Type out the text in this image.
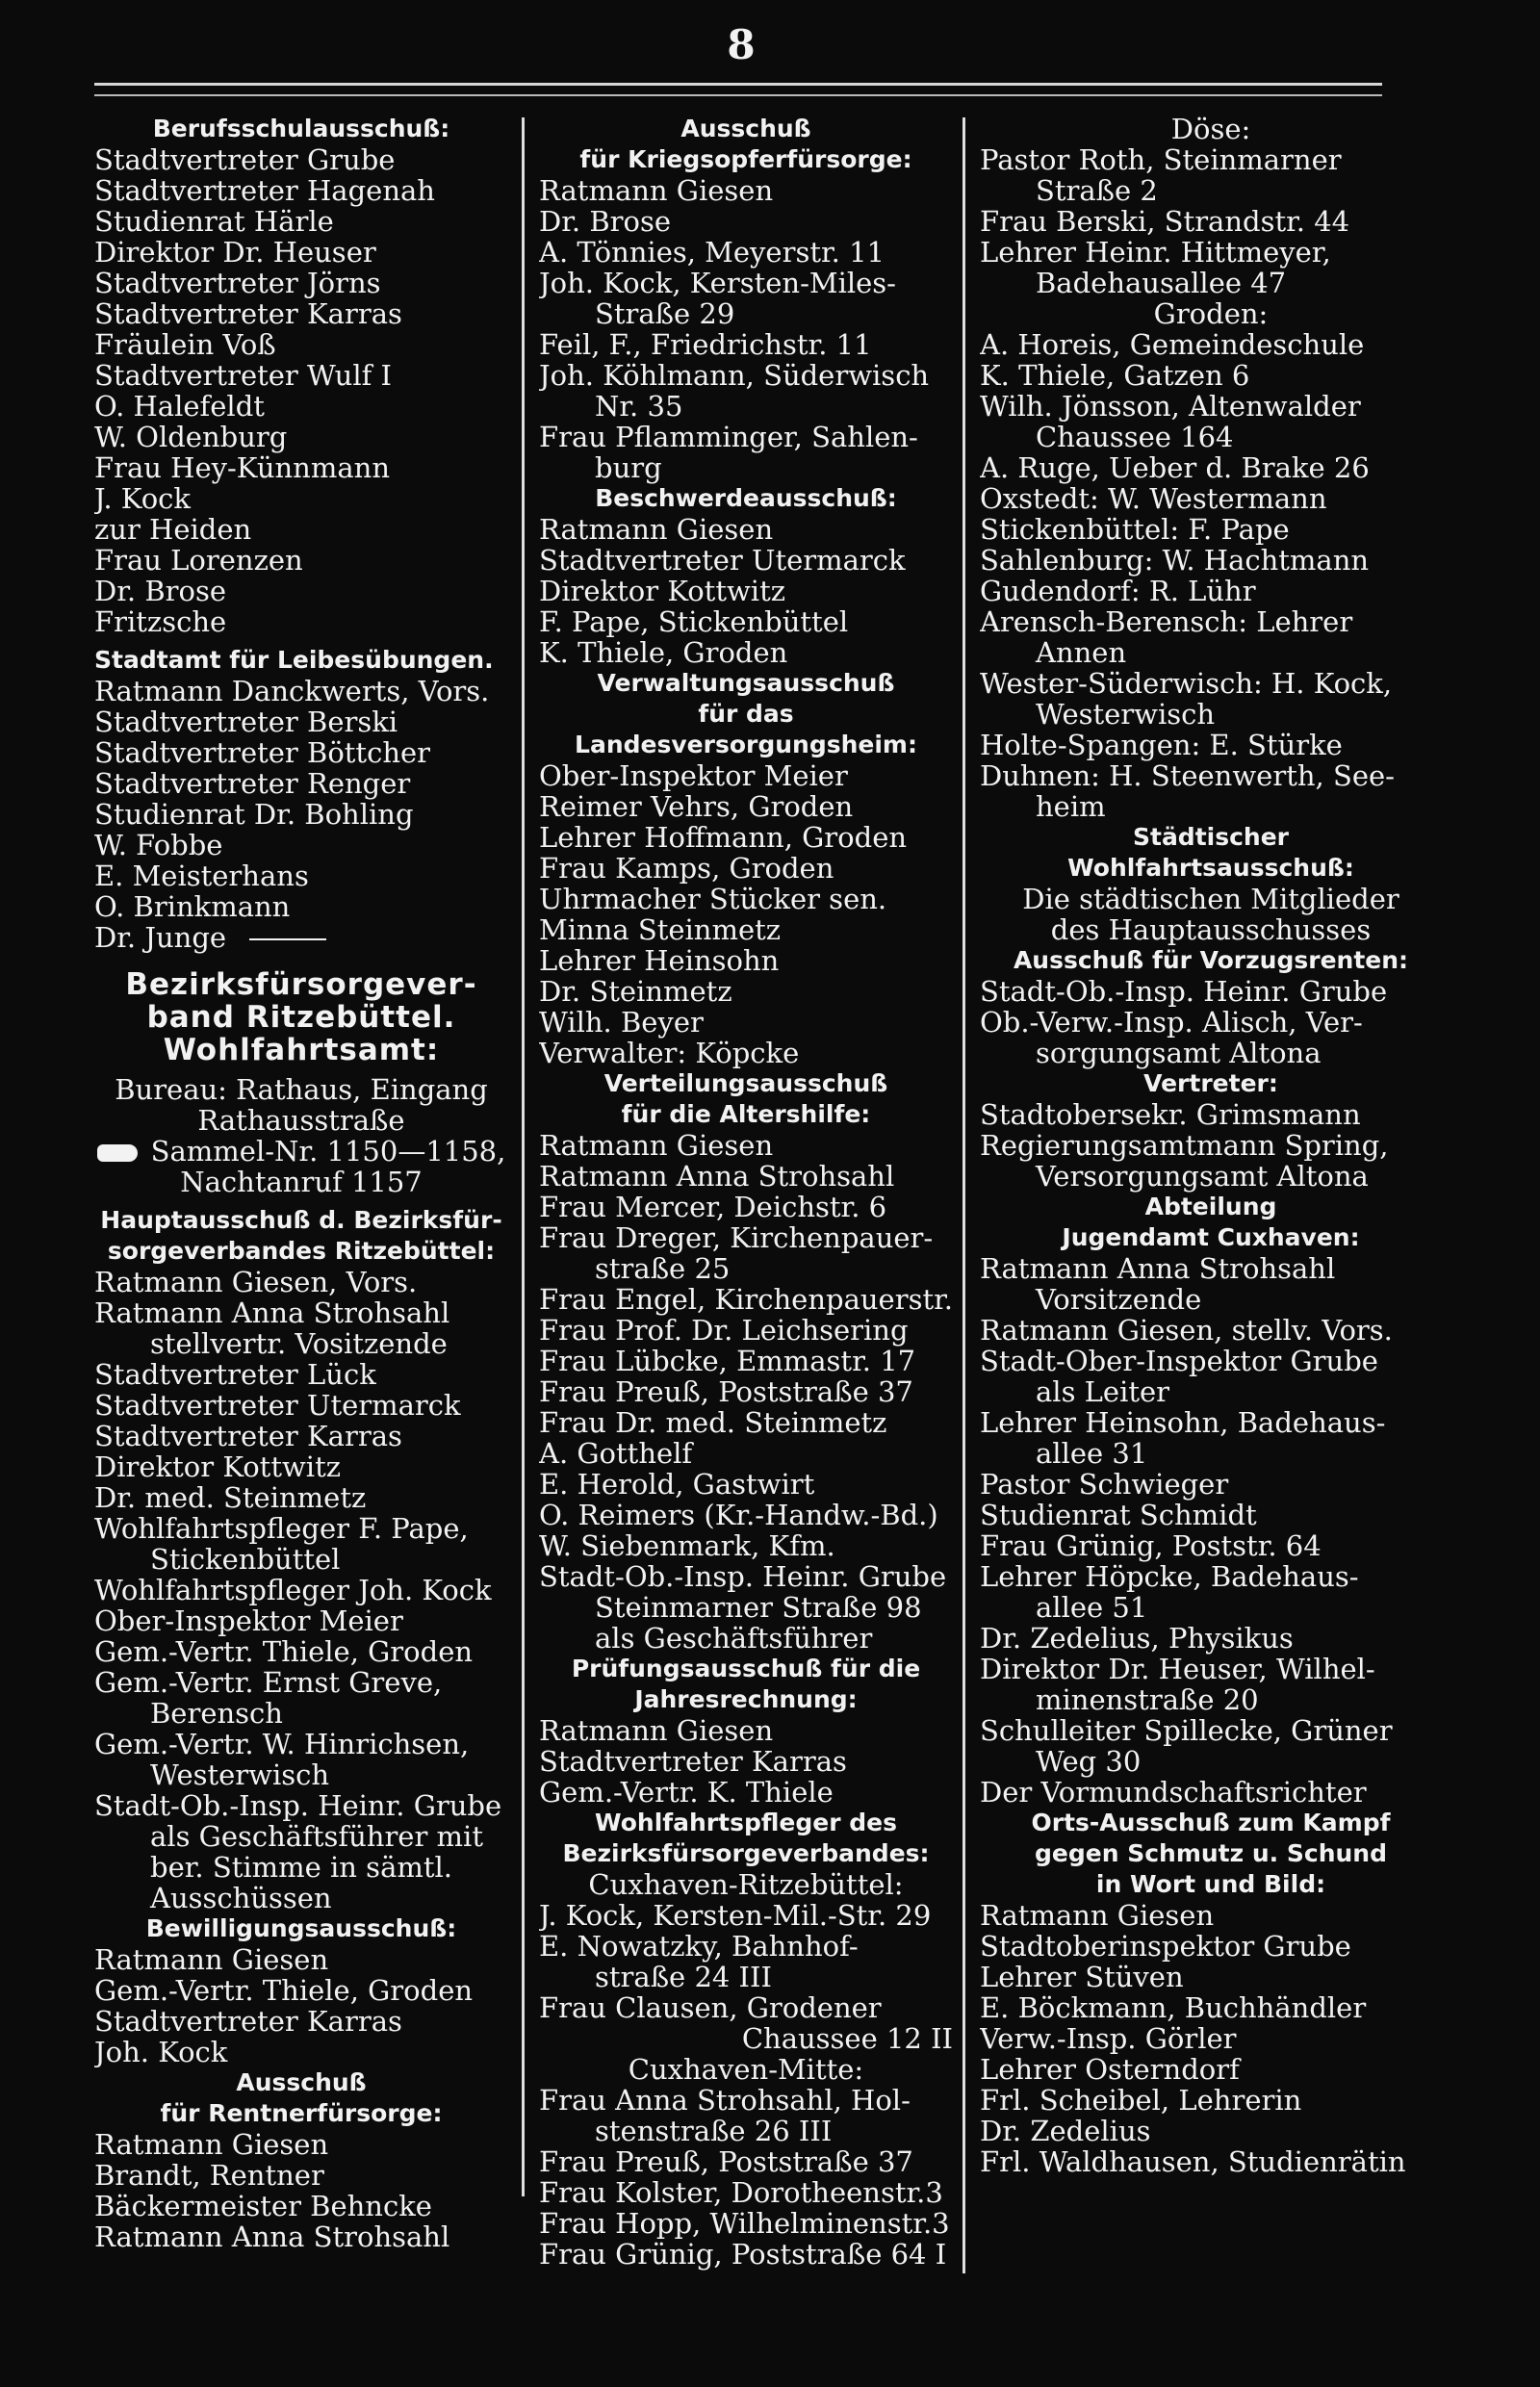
8
Berufsschulausschuß:
Stadtvertreter Grube
Stadtvertreter Hagenah
Studienrat Härle
Direktor Dr. Heuser
Stadtvertreter Jörns
Stadtvertreter Karras
Fräulein Voß
Stadtvertreter Wulf I
O. Halefeldt
W. Oldenburg
Frau Hey-Künnmann
J. Kock
zur Heiden
Frau Lorenzen
Dr. Brose
Fritzsche
Stadtamt für Leibesübungen.
Ratmann Danckwerts, Vors.
Stadtvertreter Berski
Stadtvertreter Böttcher
Stadtvertreter Renger
Studienrat Dr. Bohling
W. Fobbe
E. Meisterhans
O. Brinkmann
Dr. Junge
Bezirksfürsorgever-
band Ritzebüttel.
Wohlfahrtsamt:
Bureau: Rathaus, Eingang
Rathausstraße
Sammel-Nr. 1150—1158,
Nachtanruf 1157
Hauptausschuß d. Bezirksfür-
sorgeverbandes Ritzebüttel:
Ratmann Giesen, Vors.
Ratmann Anna Strohsahl
stellvertr. Vositzende
Stadtvertreter Lück
Stadtvertreter Utermarck
Stadtvertreter Karras
Direktor Kottwitz
Dr. med. Steinmetz
Wohlfahrtspfleger F. Pape,
Stickenbüttel
Wohlfahrtspfleger Joh. Kock
Ober-Inspektor Meier
Gem.-Vertr. Thiele, Groden
Gem.-Vertr. Ernst Greve,
Berensch
Gem.-Vertr. W. Hinrichsen,
Westerwisch
Stadt-Ob.-Insp. Heinr. Grube
als Geschäftsführer mit
ber. Stimme in sämtl.
Ausschüssen
Bewilligungsausschuß:
Ratmann Giesen
Gem.-Vertr. Thiele, Groden
Stadtvertreter Karras
Joh. Kock
Ausschuß
für Rentnerfürsorge:
Ratmann Giesen
Brandt, Rentner
Bäckermeister Behncke
Ratmann Anna Strohsahl
Ausschuß
für Kriegsopferfürsorge:
Ratmann Giesen
Dr. Brose
A. Tönnies, Meyerstr. 11
Joh. Kock, Kersten-Miles-
Straße 29
Feil, F., Friedrichstr. 11
Joh. Köhlmann, Süderwisch
Nr. 35
Frau Pflamminger, Sahlen-
burg
Beschwerdeausschuß:
Ratmann Giesen
Stadtvertreter Utermarck
Direktor Kottwitz
F. Pape, Stickenbüttel
K. Thiele, Groden
Verwaltungsausschuß
für das
Landesversorgungsheim:
Ober-Inspektor Meier
Reimer Vehrs, Groden
Lehrer Hoffmann, Groden
Frau Kamps, Groden
Uhrmacher Stücker sen.
Minna Steinmetz
Lehrer Heinsohn
Dr. Steinmetz
Wilh. Beyer
Verwalter: Köpcke
Verteilungsausschuß
für die Altershilfe:
Ratmann Giesen
Ratmann Anna Strohsahl
Frau Mercer, Deichstr. 6
Frau Dreger, Kirchenpauer-
straße 25
Frau Engel, Kirchenpauerstr.
Frau Prof. Dr. Leichsering
Frau Lübcke, Emmastr. 17
Frau Preuß, Poststraße 37
Frau Dr. med. Steinmetz
A. Gotthelf
E. Herold, Gastwirt
O. Reimers (Kr.-Handw.-Bd.)
W. Siebenmark, Kfm.
Stadt-Ob.-Insp. Heinr. Grube
Steinmarner Straße 98
als Geschäftsführer
Prüfungsausschuß für die
Jahresrechnung:
Ratmann Giesen
Stadtvertreter Karras
Gem.-Vertr. K. Thiele
Wohlfahrtspfleger des
Bezirksfürsorgeverbandes:
Cuxhaven-Ritzebüttel:
J. Kock, Kersten-Mil.-Str. 29
E. Nowatzky, Bahnhof-
straße 24 III
Frau Clausen, Grodener
Chaussee 12 II
Cuxhaven-Mitte:
Frau Anna Strohsahl, Hol-
stenstraße 26 III
Frau Preuß, Poststraße 37
Frau Kolster, Dorotheenstr.3
Frau Hopp, Wilhelminenstr.3
Frau Grünig, Poststraße 64 I
Döse:
Pastor Roth, Steinmarner
Straße 2
Frau Berski, Strandstr. 44
Lehrer Heinr. Hittmeyer,
Badehausallee 47
Groden:
A. Horeis, Gemeindeschule
K. Thiele, Gatzen 6
Wilh. Jönsson, Altenwalder
Chaussee 164
A. Ruge, Ueber d. Brake 26
Oxstedt: W. Westermann
Stickenbüttel: F. Pape
Sahlenburg: W. Hachtmann
Gudendorf: R. Lühr
Arensch-Berensch: Lehrer
Annen
Wester-Süderwisch: H. Kock,
Westerwisch
Holte-Spangen: E. Stürke
Duhnen: H. Steenwerth, See-
heim
Städtischer
Wohlfahrtsausschuß:
Die städtischen Mitglieder
des Hauptausschusses
Ausschuß für Vorzugsrenten:
Stadt-Ob.-Insp. Heinr. Grube
Ob.-Verw.-Insp. Alisch, Ver-
sorgungsamt Altona
Vertreter:
Stadtobersekr. Grimsmann
Regierungsamtmann Spring,
Versorgungsamt Altona
Abteilung
Jugendamt Cuxhaven:
Ratmann Anna Strohsahl
Vorsitzende
Ratmann Giesen, stellv. Vors.
Stadt-Ober-Inspektor Grube
als Leiter
Lehrer Heinsohn, Badehaus-
allee 31
Pastor Schwieger
Studienrat Schmidt
Frau Grünig, Poststr. 64
Lehrer Höpcke, Badehaus-
allee 51
Dr. Zedelius, Physikus
Direktor Dr. Heuser, Wilhel-
minenstraße 20
Schulleiter Spillecke, Grüner
Weg 30
Der Vormundschaftsrichter
Orts-Ausschuß zum Kampf
gegen Schmutz u. Schund
in Wort und Bild:
Ratmann Giesen
Stadtoberinspektor Grube
Lehrer Stüven
E. Böckmann, Buchhändler
Verw.-Insp. Görler
Lehrer Osterndorf
Frl. Scheibel, Lehrerin
Dr. Zedelius
Frl. Waldhausen, Studienrätin
